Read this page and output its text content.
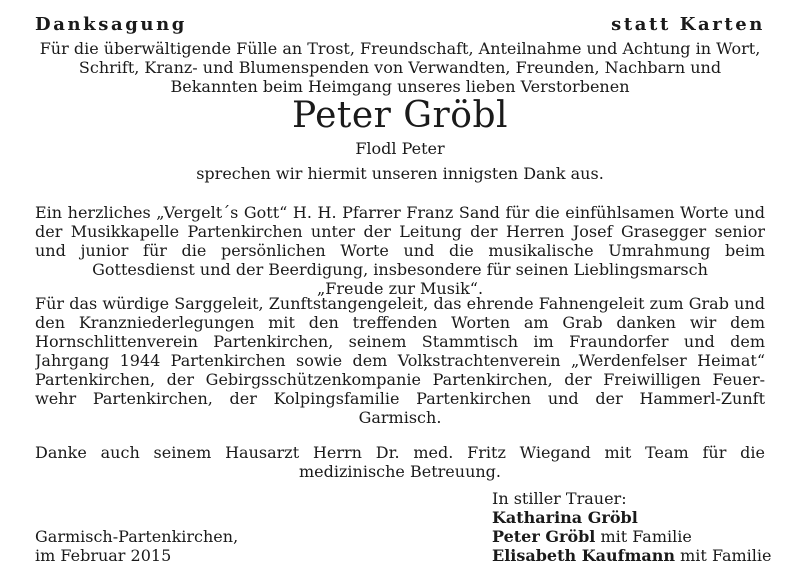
Danksagung	statt Karten
Für die überwältigende Fülle an Trost, Freundschaft, Anteilnahme und Achtung in Wort,
Schrift, Kranz- und Blumenspenden von Verwandten, Freunden, Nachbarn und
Bekannten beim Heimgang unseres lieben Verstorbenen
Peter Gröbl
Flodl Peter
sprechen wir hiermit unseren innigsten Dank aus.
Ein herzliches „Vergelt´s Gott“ H. H. Pfarrer Franz Sand für die einfühlsamen Worte und
der Musikkapelle Partenkirchen unter der Leitung der Herren Josef Grasegger senior
und junior für die persönlichen Worte und die musikalische Umrahmung beim
Gottesdienst und der Beerdigung, insbesondere für seinen Lieblingsmarsch
„Freude zur Musik“.
Für das würdige Sarggeleit, Zunftstangengeleit, das ehrende Fahnengeleit zum Grab und
den Kranzniederlegungen mit den treffenden Worten am Grab danken wir dem
Hornschlittenverein Partenkirchen, seinem Stammtisch im Fraundorfer und dem
Jahrgang 1944 Partenkirchen sowie dem Volkstrachtenverein „Werdenfelser Heimat“
Partenkirchen, der Gebirgsschützenkompanie Partenkirchen, der Freiwilligen Feuer-
wehr Partenkirchen, der Kolpingsfamilie Partenkirchen und der Hammerl-Zunft
Garmisch.
Danke auch seinem Hausarzt Herrn Dr. med. Fritz Wiegand mit Team für die
medizinische Betreuung.
In stiller Trauer:
Katharina Gröbl
Peter Gröbl mit Familie
Elisabeth Kaufmann mit Familie
Garmisch-Partenkirchen,
im Februar 2015
